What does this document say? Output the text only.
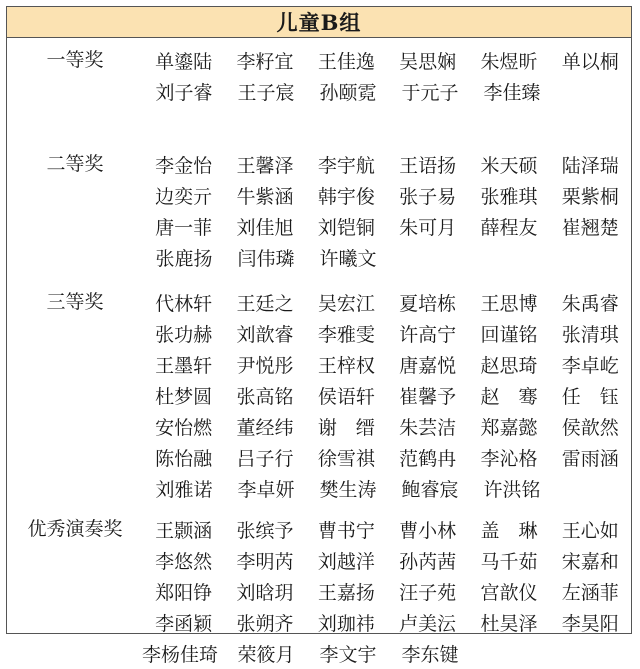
儿童B组
一等奖	单鎏陆	李籽宜	王佳逸	吴思娴	朱煜昕	单以桐
刘子睿	王子宸	孙颐霓	于元子	李佳臻
二等奖	李金怡	王馨泽	李宇航	王语扬	米天硕	陆泽瑞
边奕亓	牛紫涵	韩宇俊	张子易	张雅琪	栗紫桐
唐一菲	刘佳旭	刘铠铜	朱可月	薛程友	崔翘楚
张鹿扬	闫伟璘	许曦文
三等奖	代林轩	王廷之	吴宏江	夏培栋	王思博	朱禹睿
张功赫	刘歆睿	李雅雯	许高宁	回谨铭	张清琪
王墨轩	尹悦彤	王梓权	唐嘉悦	赵思琦	李卓屹
杜梦圆	张高铭	侯语轩	崔馨予	赵　骞	任　钰
安怡燃	董经纬	谢　缙	朱芸洁	郑嘉懿	侯歆然
陈怡融	吕子行	徐雪祺	范鹤冉	李沁格	雷雨涵
刘雅诺	李卓妍	樊生涛	鲍睿宸	许洪铭
优秀演奏奖	王颢涵	张缤予	曹书宁	曹小林	盖　琳	王心如
李悠然	李明芮	刘越洋	孙芮茜	马千茹	宋嘉和
郑阳铮	刘晗玥	王嘉扬	汪子苑	宫歆仪	左涵菲
李函颖	张朔齐	刘珈祎	卢美沄	杜昊泽	李昊阳
李杨佳琦	荣筱月	李文宇	李东键
